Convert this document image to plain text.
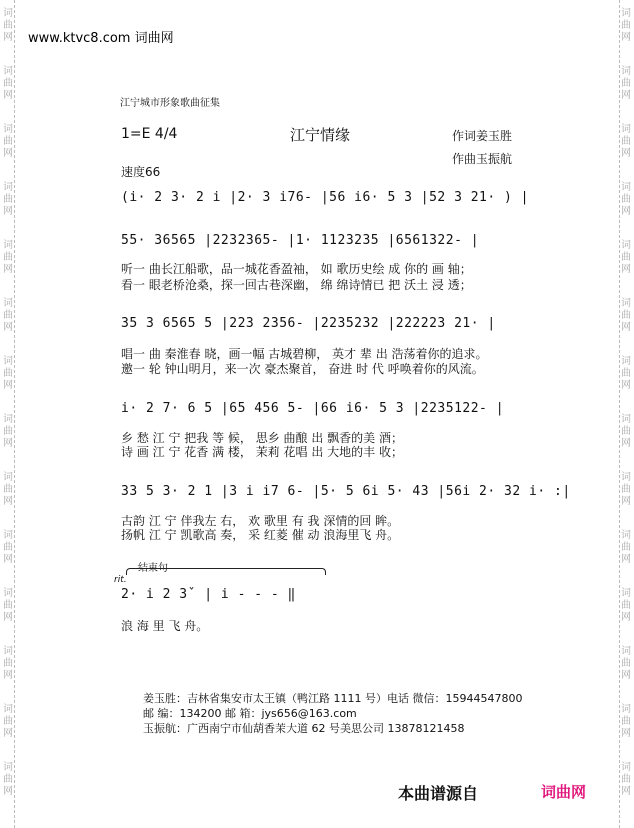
词
曲
网
词
曲
网
词
曲
网
词
曲
网
词
曲
网
词
曲
网
词
曲
网
词
曲
网
词
曲
网
词
曲
网
词
曲
网
词
曲
网
词
曲
网
词
曲
网
词
曲
网
词
曲
网
词
曲
网
词
曲
网
词
曲
网
词
曲
网
词
曲
网
词
曲
网
词
曲
网
词
曲
网
词
曲
网
词
曲
网
词
曲
网
词
曲
网
www.ktvc8.com 词曲网
江宁城市形象歌曲征集
1=E 4/4	江宁情缘	作词姜玉胜
作曲玉振航
速度66
(i· 2 3· 2 i |2· 3 i76- |56 i6· 5 3 |52 3 21· ) |
55· 36565 |2232365- |1· 1123235 |6561322- |
听一 曲长江船歌，品一城花香盈袖， 如 歌历史绘 成 你的 画 轴；
看一 眼老桥沧桑，探一回古巷深幽， 绵 绵诗情已 把 沃土 浸 透；
35 3 6565 5 |223 2356- |2235232 |222223 21· |
唱一 曲 秦淮春 晓，画一幅 古城碧柳， 英才 辈 出 浩荡着你的追求。
邀一 轮 钟山明月，来一次 豪杰聚首， 奋进 时 代 呼唤着你的风流。
i· 2 7· 6 5 |65 456 5- |66 i6· 5 3 |2235122- |
乡 愁 江 宁 把我 等 候， 思乡 曲酿 出 飘香的美 酒；
诗 画 江 宁 花香 满 楼， 茉莉 花唱 出 大地的丰 收；
33 5 3· 2 1 |3 i i7 6- |5· 5 6i 5· 43 |56i 2· 32 i· :|
古韵 江 宁 伴我左 右， 欢 歌里 有 我 深情的回 眸。
扬帆 江 宁 凯歌高 奏， 采 红菱 催 动 浪海里飞 舟。
结束句
rit.
2· i 2 3ˇ | i - - - ‖
浪 海 里 飞 舟。
姜玉胜：吉林省集安市太王镇（鸭江路 1111 号）电话 微信：15944547800
邮 编：134200 邮 箱：jys656@163.com
玉振航：广西南宁市仙葫香茉大道 62 号美思公司 13878121458
本曲谱源自	词曲网
